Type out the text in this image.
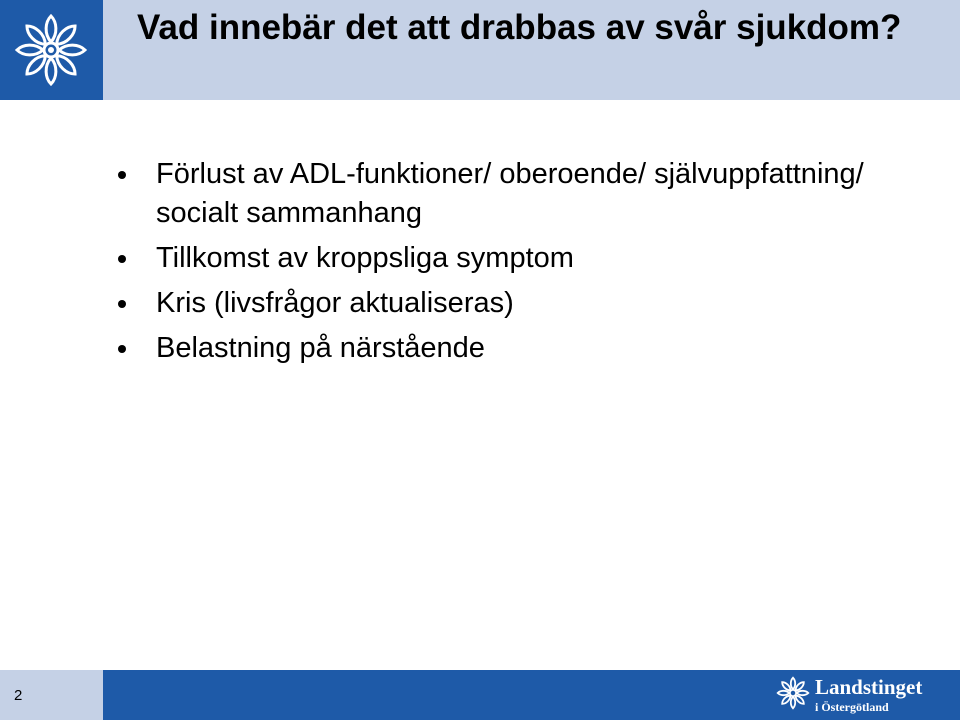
Vad innebär det att drabbas av svår sjukdom?
Förlust av ADL-funktioner/ oberoende/ självuppfattning/ socialt sammanhang
Tillkomst av kroppsliga symptom
Kris (livsfrågor aktualiseras)
Belastning på närstående
2	Landstinget
i Östergötland
